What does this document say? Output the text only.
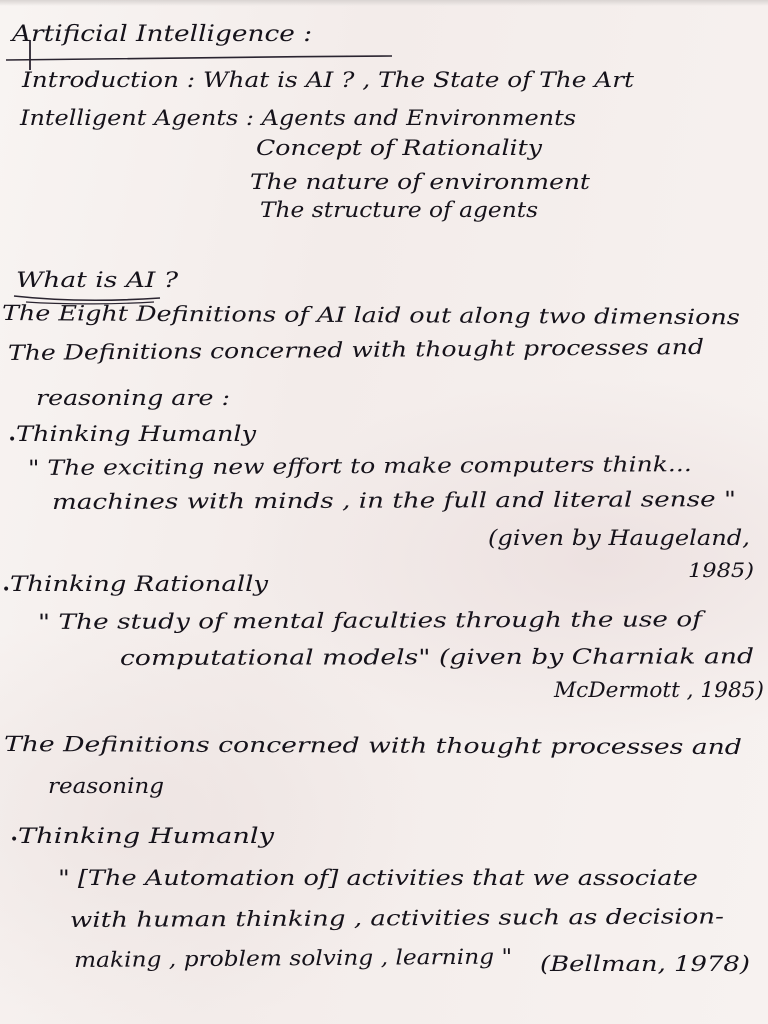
•
•
•
Artificial Intelligence :
Introduction : What is AI ? , The State of The Art
Intelligent Agents : Agents and Environments
Concept of Rationality
The nature of environment
The structure of agents
What is AI ?
The Eight Definitions of AI laid out along two dimensions
The Definitions concerned with thought processes and
reasoning are :
Thinking Humanly
" The exciting new effort to make computers think...
machines with minds , in the full and literal sense "
(given by Haugeland,
1985)
Thinking Rationally
" The study of mental faculties through the use of
computational models" (given by Charniak and
McDermott , 1985)
The Definitions concerned with thought processes and
reasoning
Thinking Humanly
" [The Automation of] activities that we associate
with human thinking , activities such as decision-
making , problem solving , learning " (Bellman, 1978)
